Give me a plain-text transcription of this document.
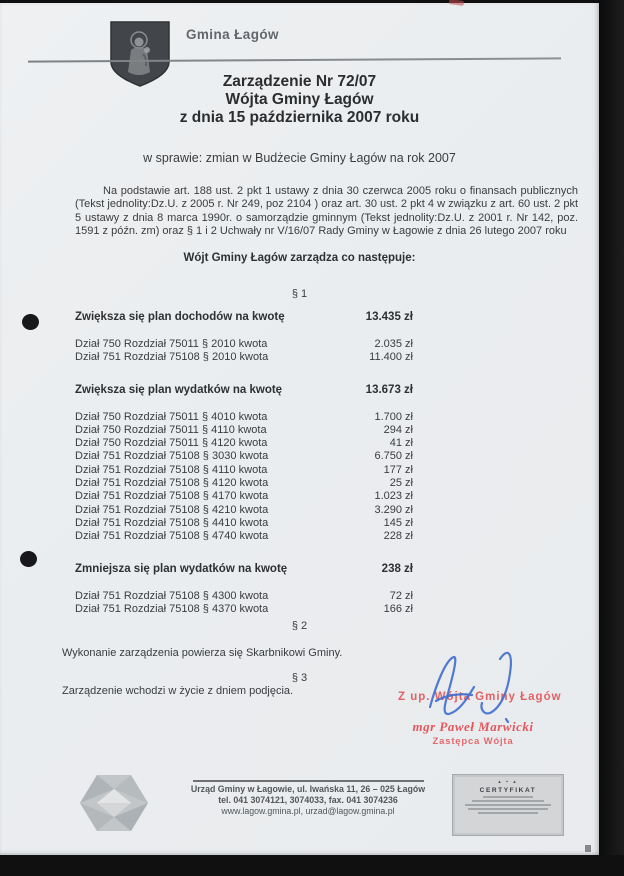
Gmina Łagów
Zarządzenie Nr 72/07
Wójta Gminy Łagów
z dnia 15 października 2007 roku
w sprawie: zmian w Budżecie Gminy Łagów na rok 2007
Na podstawie art. 188 ust. 2 pkt 1 ustawy z dnia 30 czerwca 2005 roku o finansach publicznych (Tekst jednolity:Dz.U. z 2005 r. Nr 249, poz 2104 ) oraz art. 30 ust. 2 pkt 4 w związku z art. 60 ust. 2 pkt 5 ustawy z dnia 8 marca 1990r. o samorządzie gminnym (Tekst jednolity:Dz.U. z 2001 r. Nr 142, poz. 1591 z późn. zm) oraz § 1 i 2 Uchwały nr V/16/07 Rady Gminy w Łagowie z dnia 26 lutego 2007 roku
Wójt Gminy Łagów zarządza co następuje:
§ 1
Zwiększa się plan dochodów na kwotę	13.435 zł
Dział 750 Rozdział 75011 § 2010 kwota	2.035 zł
Dział 751 Rozdział 75108 § 2010 kwota	11.400 zł
Zwiększa się plan wydatków na kwotę	13.673 zł
Dział 750 Rozdział 75011 § 4010 kwota	1.700 zł
Dział 750 Rozdział 75011 § 4110 kwota	294 zł
Dział 750 Rozdział 75011 § 4120 kwota	41 zł
Dział 751 Rozdział 75108 § 3030 kwota	6.750 zł
Dział 751 Rozdział 75108 § 4110 kwota	177 zł
Dział 751 Rozdział 75108 § 4120 kwota	25 zł
Dział 751 Rozdział 75108 § 4170 kwota	1.023 zł
Dział 751 Rozdział 75108 § 4210 kwota	3.290 zł
Dział 751 Rozdział 75108 § 4410 kwota	145 zł
Dział 751 Rozdział 75108 § 4740 kwota	228 zł
Zmniejsza się plan wydatków na kwotę	238 zł
Dział 751 Rozdział 75108 § 4300 kwota	72 zł
Dział 751 Rozdział 75108 § 4370 kwota	166 zł
§ 2
Wykonanie zarządzenia powierza się Skarbnikowi Gminy.
§ 3
Zarządzenie wchodzi w życie z dniem podjęcia.	Z up. Wójta Gminy Łagów
mgr Paweł Marwicki
Zastępca Wójta
Urząd Gminy w Łagowie, ul. Iwańska 11, 26 – 025 Łagów
tel. 041 3074121, 3074033, fax. 041 3074236
www.lagow.gmina.pl, urzad@lagow.gmina.pl
▴ ▪ ▴
CERTYFIKAT
